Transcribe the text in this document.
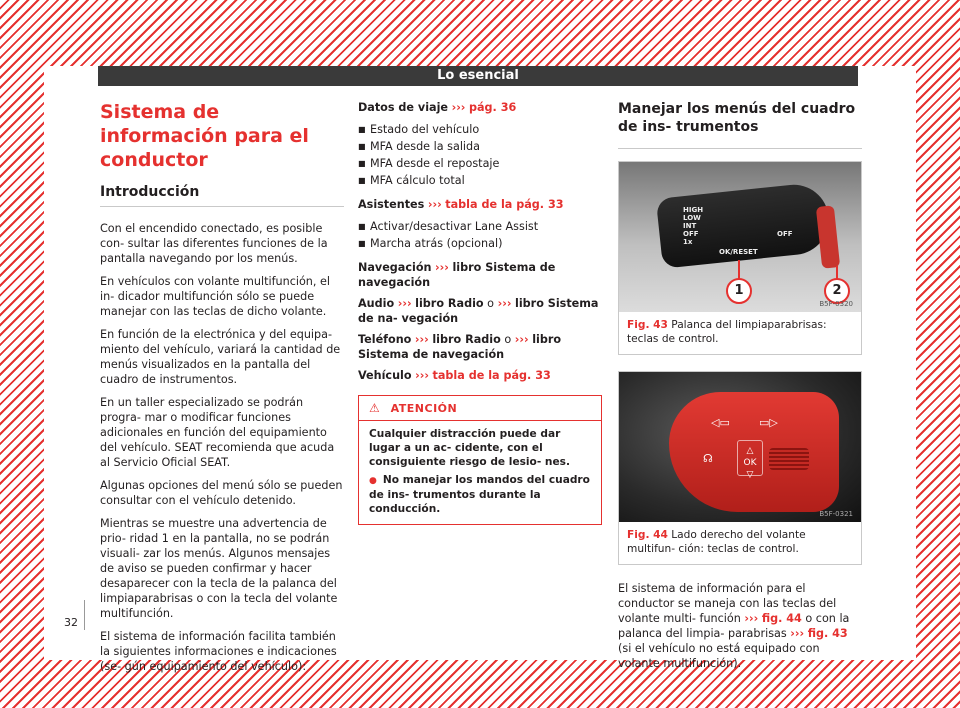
Lo esencial
Sistema de información para el conductor
Introducción

Con el encendido conectado, es posible con- sultar las diferentes funciones de la pantalla navegando por los menús.

En vehículos con volante multifunción, el in- dicador multifunción sólo se puede manejar con las teclas de dicho volante.

En función de la electrónica y del equipa- miento del vehículo, variará la cantidad de menús visualizados en la pantalla del cuadro de instrumentos.

En un taller especializado se podrán progra- mar o modificar funciones adicionales en función del equipamiento del vehículo. SEAT recomienda que acuda al Servicio Oficial SEAT.

Algunas opciones del menú sólo se pueden consultar con el vehículo detenido.

Mientras se muestre una advertencia de prio- ridad 1 en la pantalla, no se podrán visuali- zar los menús. Algunos mensajes de aviso se pueden confirmar y hacer desaparecer con la tecla de la palanca del limpiaparabrisas o con la tecla del volante multifunción.

El sistema de información facilita también la siguientes informaciones e indicaciones (se- gún equipamiento del vehículo):

Datos de viaje ››› pág. 36
■ Estado del vehículo
■ MFA desde la salida
■ MFA desde el repostaje
■ MFA cálculo total
Asistentes ››› tabla de la pág. 33
■ Activar/desactivar Lane Assist
■ Marcha atrás (opcional)
Navegación ››› libro Sistema de navegación
Audio ››› libro Radio o ››› libro Sistema de na- vegación
Teléfono ››› libro Radio o ››› libro Sistema de navegación
Vehículo ››› tabla de la pág. 33
⚠ ATENCIÓN
Cualquier distracción puede dar lugar a un ac- cidente, con el consiguiente riesgo de lesio- nes.
● No manejar los mandos del cuadro de ins- trumentos durante la conducción.
Manejar los menús del cuadro de ins- trumentos
HIGH
LOW
INT
OFF
1x
OK/RESET
OFF
1	2
B5F-0320
Fig. 43 Palanca del limpiaparabrisas: teclas de control.
◁▭	▭▷
☊
△
OK
▽
B5F-0321
Fig. 44 Lado derecho del volante multifun- ción: teclas de control.

El sistema de información para el conductor se maneja con las teclas del volante multi- función ››› fig. 44 o con la palanca del limpia- parabrisas ››› fig. 43 (si el vehículo no está equipado con volante multifunción).

32
